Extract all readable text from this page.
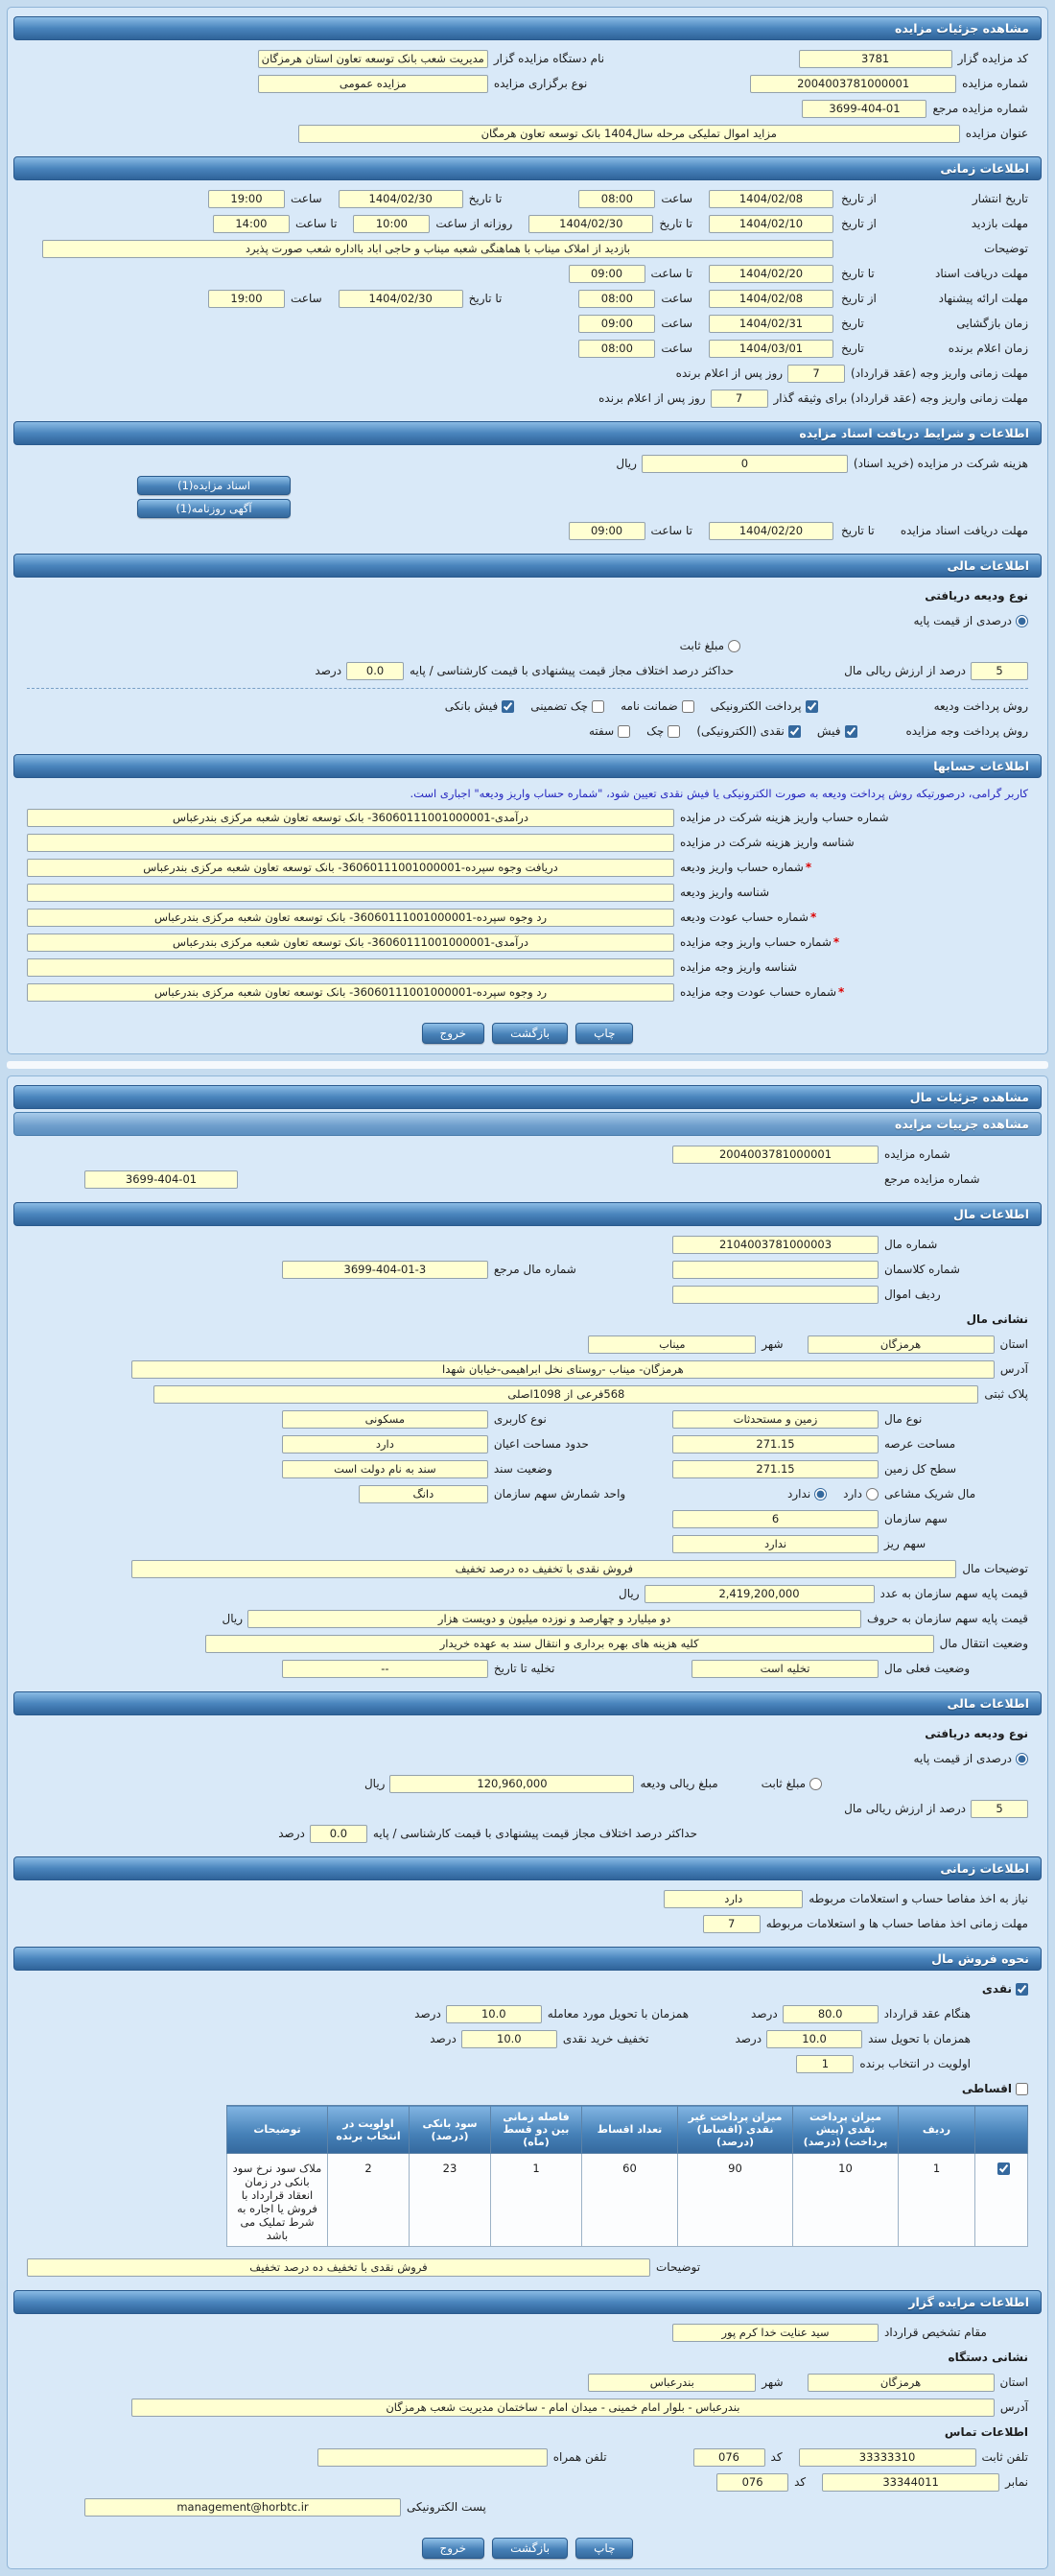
مشاهده جزئیات مزایده
کد مزایده گزار
3781
نام دستگاه مزایده گزار
مدیریت شعب بانک توسعه تعاون استان هرمزگان
شماره مزایده
2004003781000001
نوع برگزاری مزایده
مزایده عمومی
شماره مزایده مرجع
3699-404-01
عنوان مزایده
مزاید اموال تملیکی مرحله سال1404 بانک توسعه تعاون هرمگان
اطلاعات زمانی
تاریخ انتشار
از تاریخ
1404/02/08
ساعت
08:00
تا تاریخ
1404/02/30
ساعت
19:00
مهلت بازدید
از تاریخ
1404/02/10
تا تاریخ
1404/02/30
روزانه از ساعت
10:00
تا ساعت
14:00
توضیحات
بازدید از املاک میناب با هماهنگی شعبه میناب و حاجی اباد بااداره شعب صورت پذیرد
مهلت دریافت اسناد
تا تاریخ
1404/02/20
تا ساعت
09:00
مهلت ارائه پیشنهاد
از تاریخ
1404/02/08
ساعت
08:00
تا تاریخ
1404/02/30
ساعت
19:00
زمان بازگشایی
تاریخ
1404/02/31
ساعت
09:00
زمان اعلام برنده
تاریخ
1404/03/01
ساعت
08:00
مهلت زمانی واریز وجه (عقد قرارداد)
7
روز پس از اعلام برنده
مهلت زمانی واریز وجه (عقد قرارداد) برای وثیقه گذار
7
روز پس از اعلام برنده
اطلاعات و شرایط دریافت اسناد مزایده
هزینه شرکت در مزایده (خرید اسناد)
0
ریال
اسناد مزایده(1)
آگهی روزنامه(1)
مهلت دریافت اسناد مزایده
تا تاریخ
1404/02/20
تا ساعت
09:00
اطلاعات مالی
نوع ودیعه دریافتی
درصدی از قیمت پایه
مبلغ ثابت
5
درصد از ارزش ریالی مال
حداکثر درصد اختلاف مجاز قیمت پیشنهادی با قیمت کارشناسی / پایه
0.0
درصد
روش پرداخت ودیعه
پرداخت الکترونیکی
ضمانت نامه
چک تضمینی
فیش بانکی
روش پرداخت وجه مزایده
فیش
نقدی (الکترونیکی)
چک
سفته
اطلاعات حسابها
کاربر گرامی، درصورتیکه روش پرداخت ودیعه به صورت الکترونیکی یا فیش نقدی تعیین شود، "شماره حساب واریز ودیعه" اجباری است.
شماره حساب واریز هزینه شرکت در مزایده
درآمدی-36060111001000001- بانک توسعه تعاون شعبه مرکزی بندرعباس
شناسه واریز هزینه شرکت در مزایده
*شماره حساب واریز ودیعه
دریافت وجوه سپرده-36060111001000001- بانک توسعه تعاون شعبه مرکزی بندرعباس
شناسه واریز ودیعه
*شماره حساب عودت ودیعه
رد وجوه سپرده-36060111001000001- بانک توسعه تعاون شعبه مرکزی بندرعباس
*شماره حساب واریز وجه مزایده
درآمدی-36060111001000001- بانک توسعه تعاون شعبه مرکزی بندرعباس
شناسه واریز وجه مزایده
*شماره حساب عودت وجه مزایده
رد وجوه سپرده-36060111001000001- بانک توسعه تعاون شعبه مرکزی بندرعباس
چاپ
بازگشت
خروج
مشاهده جزئیات مال
مشاهده جزییات مزایده
شماره مزایده
2004003781000001
شماره مزایده مرجع
3699-404-01
اطلاعات مال
شماره مال
2104003781000003
شماره کلاسمان
شماره مال مرجع
3699-404-01-3
ردیف اموال
نشانی مال
استان
هرمزگان
شهر
میناب
آدرس
هرمزگان- میناب -روستای نخل ابراهیمی-خیابان شهدا
پلاک ثبتی
568فرعی از 1098اصلی
نوع مال
زمین و مستحدثات
نوع کاربری
مسکونی
مساحت عرصه
271.15
حدود مساحت اعیان
دارد
سطح کل زمین
271.15
وضعیت سند
سند به نام دولت است
مال شریک مشاعی
دارد
ندارد
واحد شمارش سهم سازمان
دانگ
سهم سازمان
6
سهم ریز
ندارد
توضیحات مال
فروش نقدی با تخفیف ده درصد تخفیف
قیمت پایه سهم سازمان به عدد
2,419,200,000
ریال
قیمت پایه سهم سازمان به حروف
دو میلیارد و چهارصد و نوزده میلیون و دویست هزار
ریال
وضعیت انتقال مال
کلیه هزینه های بهره برداری و انتقال سند به عهده خریدار
وضعیت فعلی مال
تخلیه است
تخلیه تا تاریخ
--
اطلاعات مالی
نوع ودیعه دریافتی
درصدی از قیمت پایه
مبلغ ثابت
مبلغ ریالی ودیعه
120,960,000
ریال
5
درصد از ارزش ریالی مال
حداکثر درصد اختلاف مجاز قیمت پیشنهادی با قیمت کارشناسی / پایه
0.0
درصد
اطلاعات زمانی
نیاز به اخذ مفاصا حساب و استعلامات مربوطه
دارد
مهلت زمانی اخذ مفاصا حساب ها و استعلامات مربوطه
7
نحوه فروش مال
نقدی
هنگام عقد قرارداد
80.0
درصد
همزمان با تحویل مورد معامله
10.0
درصد
همزمان با تحویل سند
10.0
درصد
تخفیف خرید نقدی
10.0
درصد
اولویت در انتخاب برنده
1
اقساطی
	ردیف	میزان پرداخت نقدی (پیش پرداخت) (درصد)	میزان پرداخت غیر نقدی (اقساط) (درصد)	تعداد اقساط	فاصله زمانی بین دو قسط (ماه)	سود بانکی (درصد)	اولویت در انتخاب برنده	توضیحات
	1	10	90	60	1	23	2	ملاک سود نرخ سود بانکی در زمان انعقاد قرارداد با فروش یا اجاره به شرط تملیک می باشد
توضیحات
فروش نقدی با تخفیف ده درصد تخفیف
اطلاعات مزایده گزار
مقام تشخیص قرارداد
سید عنایت خدا کرم پور
نشانی دستگاه
استان
هرمزگان
شهر
بندرعباس
آدرس
بندرعباس - بلوار امام خمینی - میدان امام - ساختمان مدیریت شعب هرمزگان
اطلاعات تماس
تلفن ثابت
33333310
کد
076
تلفن همراه
نمابر
33344011
کد
076
پست الکترونیکی
management@horbtc.ir
چاپ
بازگشت
خروج
